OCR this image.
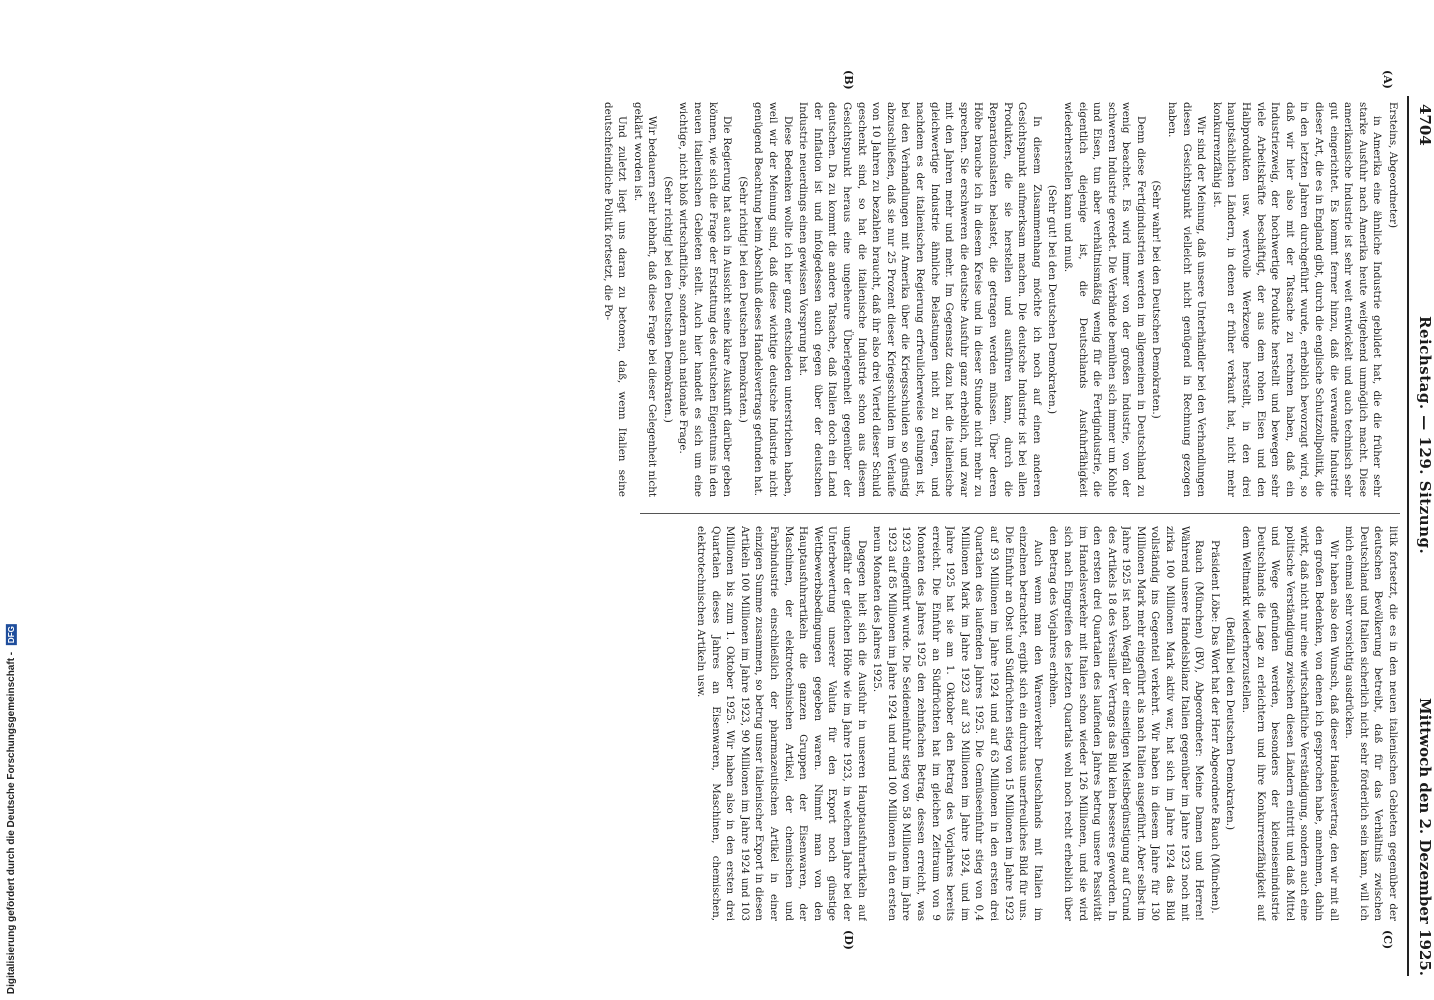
4704
Reichstag. — 129. Sitzung.
Mittwoch den 2. Dezember 1925.
(A)
(B)
(C)
(D)

Ersteins, Abgeordneter)

in Amerika eine ähnliche Industrie gebildet hat, die die früher sehr starke Ausfuhr nach Amerika heute weitgehend unmöglich macht. Diese amerikanische Industrie ist sehr weit entwickelt und auch technisch sehr gut eingerichtet. Es kommt ferner hinzu, daß die verwandte Industrie dieser Art, die es in England gibt, durch die englische Schutzzollpolitik, die in den letzten Jahren durchgeführt wurde, erheblich bevorzugt wird, so daß wir hier also mit der Tatsache zu rechnen haben, daß ein Industriezweig, der hochwertige Produkte herstellt und bewegen sehr viele Arbeitskräfte beschäftigt, der aus dem rohen Eisen und den Halbprodukten usw. wertvolle Werkzeuge herstellt, in den drei hauptsächlichen Ländern, in denen er früher verkauft hat, nicht mehr konkurrenzfähig ist.

Wir sind der Meinung, daß unsere Unterhändler bei den Verhandlungen diesen Gesichtspunkt vielleicht nicht genügend in Rechnung gezogen haben.

(Sehr wahr! bei den Deutschen Demokraten.)

Denn diese Fertigindustrien werden im allgemeinen in Deutschland zu wenig beachtet. Es wird immer von der großen Industrie, von der schweren Industrie geredet. Die Verbände bemühen sich immer um Kohle und Eisen, tun aber verhältnismäßig wenig für die Fertigindustrie, die eigentlich diejenige ist, die Deutschlands Ausfuhrfähigkeit wiederherstellen kann und muß.

(Sehr gut! bei den Deutschen Demokraten.)

In diesem Zusammenhang möchte ich noch auf einen anderen Gesichtspunkt aufmerksam machen. Die deutsche Industrie ist bei allen Produkten, die sie herstellen und ausführen kann, durch die Reparationslasten belastet, die getragen werden müssen. Über deren Höhe brauche ich in diesem Kreise und in dieser Stunde nicht mehr zu sprechen. Sie erschweren die deutsche Ausfuhr ganz erheblich, und zwar mit den Jahren mehr und mehr. Im Gegensatz dazu hat die italienische gleichwertige Industrie ähnliche Belastungen nicht zu tragen, und nachdem es der italienischen Regierung erfreulicherweise gelungen ist, bei den Verhandlungen mit Amerika über die Kriegsschulden so günstig abzuschließen, daß sie nur 25 Prozent dieser Kriegsschulden im Verlaufe von 10 Jahren zu bezahlen braucht, daß ihr also drei Viertel dieser Schuld geschenkt sind, so hat die italienische Industrie schon aus diesem Gesichtspunkt heraus eine ungeheure Überlegenheit gegenüber der deutschen. Da zu kommt die andere Tatsache, daß Italien doch ein Land der Inflation ist und infolgedessen auch gegen über der deutschen Industrie neuerdings einen gewissen Vorsprung hat.

Diese Bedenken wollte ich hier ganz entschieden unterstrichen haben, weil wir der Meinung sind, daß diese wichtige deutsche Industrie nicht genügend Beachtung beim Abschluß dieses Handelsvertrags gefunden hat.

(Sehr richtig! bei den Deutschen Demokraten.)

Die Regierung hat auch in Aussicht seine klare Auskunft darüber geben können, wie sich die Frage der Erstattung des deutschen Eigentums in den neuen italienischen Gebieten stellt. Auch hier handelt es sich um eine wichtige, nicht bloß wirtschaftliche, sondern auch nationale Frage.

(Sehr richtig! bei den Deutschen Demokraten.)

Wir bedauern sehr lebhaft, daß diese Frage bei dieser Gelegenheit nicht geklärt worden ist.

Und zuletzt liegt uns daran zu betonen, daß, wenn Italien seine deutschfeindliche Politik fortsetzt, die Po-

litik fortsetzt, die es in den neuen italienischen Gebieten gegenüber der deutschen Bevölkerung betreibt, daß für das Verhältnis zwischen Deutschland und Italien sicherlich nicht sehr förderlich sein kann, will ich mich einmal sehr vorsichtig ausdrücken.

Wir haben also den Wunsch, daß dieser Handelsvertrag, den wir mit all den großen Bedenken, von denen ich gesprochen habe, annehmen, dahin wirkt, daß nicht nur eine wirtschaftliche Verständigung, sondern auch eine politische Verständigung zwischen diesen Ländern eintritt und daß Mittel und Wege gefunden werden, besonders der kleineisenindustrie Deutschlands die Lage zu erleichtern und ihre Konkurrenzfähigkeit auf dem Weltmarkt wiederherzustellen.

(Beifall bei den Deutschen Demokraten.)

Präsident Löbe: Das Wort hat der Herr Abgeordnete Rauch (München).

Rauch (München) (BV), Abgeordneter: Meine Damen und Herren! Während unsere Handelsbilanz Italien gegenüber im Jahre 1923 noch mit zirka 100 Millionen Mark aktiv war, hat sich im Jahre 1924 das Bild vollständig ins Gegenteil verkehrt. Wir haben in diesem Jahre für 130 Millionen Mark mehr eingeführt als nach Italien ausgeführt. Aber selbst im Jahre 1925 ist nach Wegfall der einseitigen Meistbegünstigung auf Grund des Artikels 18 des Versailler Vertrags das Bild kein besseres geworden. In den ersten drei Quartalen des laufenden Jahres betrug unsere Passivität im Handelsverkehr mit Italien schon wieder 126 Millionen, und sie wird sich nach Eingreifen des letzten Quartals wohl noch recht erheblich über den Betrag des Vorjahres erhöhen.

Auch wenn man den Warenverkehr Deutschlands mit Italien im einzelnen betrachtet, ergibt sich ein durchaus unerfreuliches Bild für uns. Die Einfuhr an Obst und Südfrüchten stieg von 15 Millionen im Jahre 1923 auf 93 Millionen im Jahre 1924 und auf 63 Millionen in den ersten drei Quartalen des laufenden Jahres 1925. Die Gemüseeinfuhr stieg von 0,4 Millionen Mark im Jahre 1923 auf 33 Millionen im Jahre 1924, und im Jahre 1925 hat sie am 1. Oktober den Betrag des Vorjahres bereits erreicht. Die Einfuhr an Südfrüchten hat im gleichen Zeitraum von 9 Monaten des Jahres 1925 den zehnfachen Betrag, dessen erreicht, was 1923 eingeführt wurde. Die Seideneinfuhr stieg von 58 Millionen im Jahre 1923 auf 85 Millionen im Jahre 1924 und rund 100 Millionen in den ersten neun Monaten des Jahres 1925.

Dagegen hielt sich die Ausfuhr in unseren Hauptausfuhrartikeln auf ungefähr der gleichen Höhe wie im Jahre 1923, in welchem Jahre bei der Unterbewertung unserer Valuta für den Export noch günstige Wettbewerbsbedingungen gegeben waren. Nimmt man von den Hauptausfuhrartikeln die ganzen Gruppen der Eisenwaren, der Maschinen, der elektrotechnischen Artikel, der chemischen und Farbindustrie einschließlich der pharmazeutischen Artikel in einer einzigen Summe zusammen, so betrug unser italienischer Export in diesen Artikeln 100 Millionen im Jahre 1923, 90 Millionen im Jahre 1924 und 103 Millionen bis zum 1. Oktober 1925. Wir haben also in den ersten drei Quartalen dieses Jahres an Eisenwaren, Maschinen, chemischen, elektrotechnischen Artikeln usw.

Digitalisierung gefördert durch die Deutsche Forschungsgemeinschaft - DFG
